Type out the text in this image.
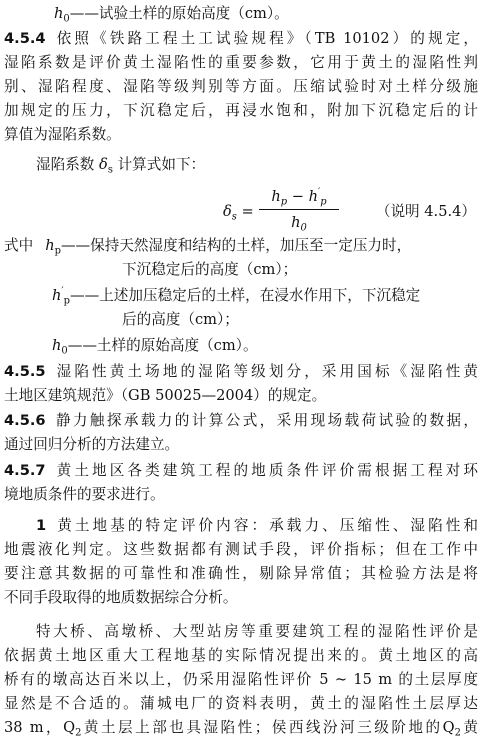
$h_0——$试验土样的原始高度（cm）。
4.5.4 依照《铁路工程土工试验规程》（TB 10102）的规定，
湿陷系数是评价黄土湿陷性的重要参数，它用于黄土的湿陷性判
别、湿陷程度、湿陷等级判别等方面。压缩试验时对土样分级施
加规定的压力，下沉稳定后，再浸水饱和，附加下沉稳定后的计
算值为湿陷系数。
湿陷系数 $\delta_s$ 计算式如下：
$\delta_s$ =
$h_p - h'_p$
$h_0$
（说明 4.5.4）
式中 $h_p——$保持天然湿度和结构的土样，加压至一定压力时，
下沉稳定后的高度（cm）；
$h'_p——$上述加压稳定后的土样，在浸水作用下，下沉稳定
后的高度（cm）；
$h_0——$土样的原始高度（cm）。
4.5.5 湿陷性黄土场地的湿陷等级划分，采用国标《湿陷性黄
土地区建筑规范》（GB 50025—2004）的规定。
4.5.6 静力触探承载力的计算公式，采用现场载荷试验的数据，
通过回归分析的方法建立。
4.5.7 黄土地区各类建筑工程的地质条件评价需根据工程对环
境地质条件的要求进行。
1 黄土地基的特定评价内容：承载力、压缩性、湿陷性和
地震液化判定。这些数据都有测试手段，评价指标；但在工作中
要注意其数据的可靠性和准确性，剔除异常值；其检验方法是将
不同手段取得的地质数据综合分析。
特大桥、高墩桥、大型站房等重要建筑工程的湿陷性评价是
依据黄土地区重大工程地基的实际情况提出来的。黄土地区的高
桥有的墩高达百米以上，仍采用湿陷性评价 5 ~ 15 m 的土层厚度
显然是不合适的。蒲城电厂的资料表明，黄土的湿陷性土层厚达
38 m，$Q_2$黄土层上部也具湿陷性；侯西线汾河三级阶地的$Q_2$黄
